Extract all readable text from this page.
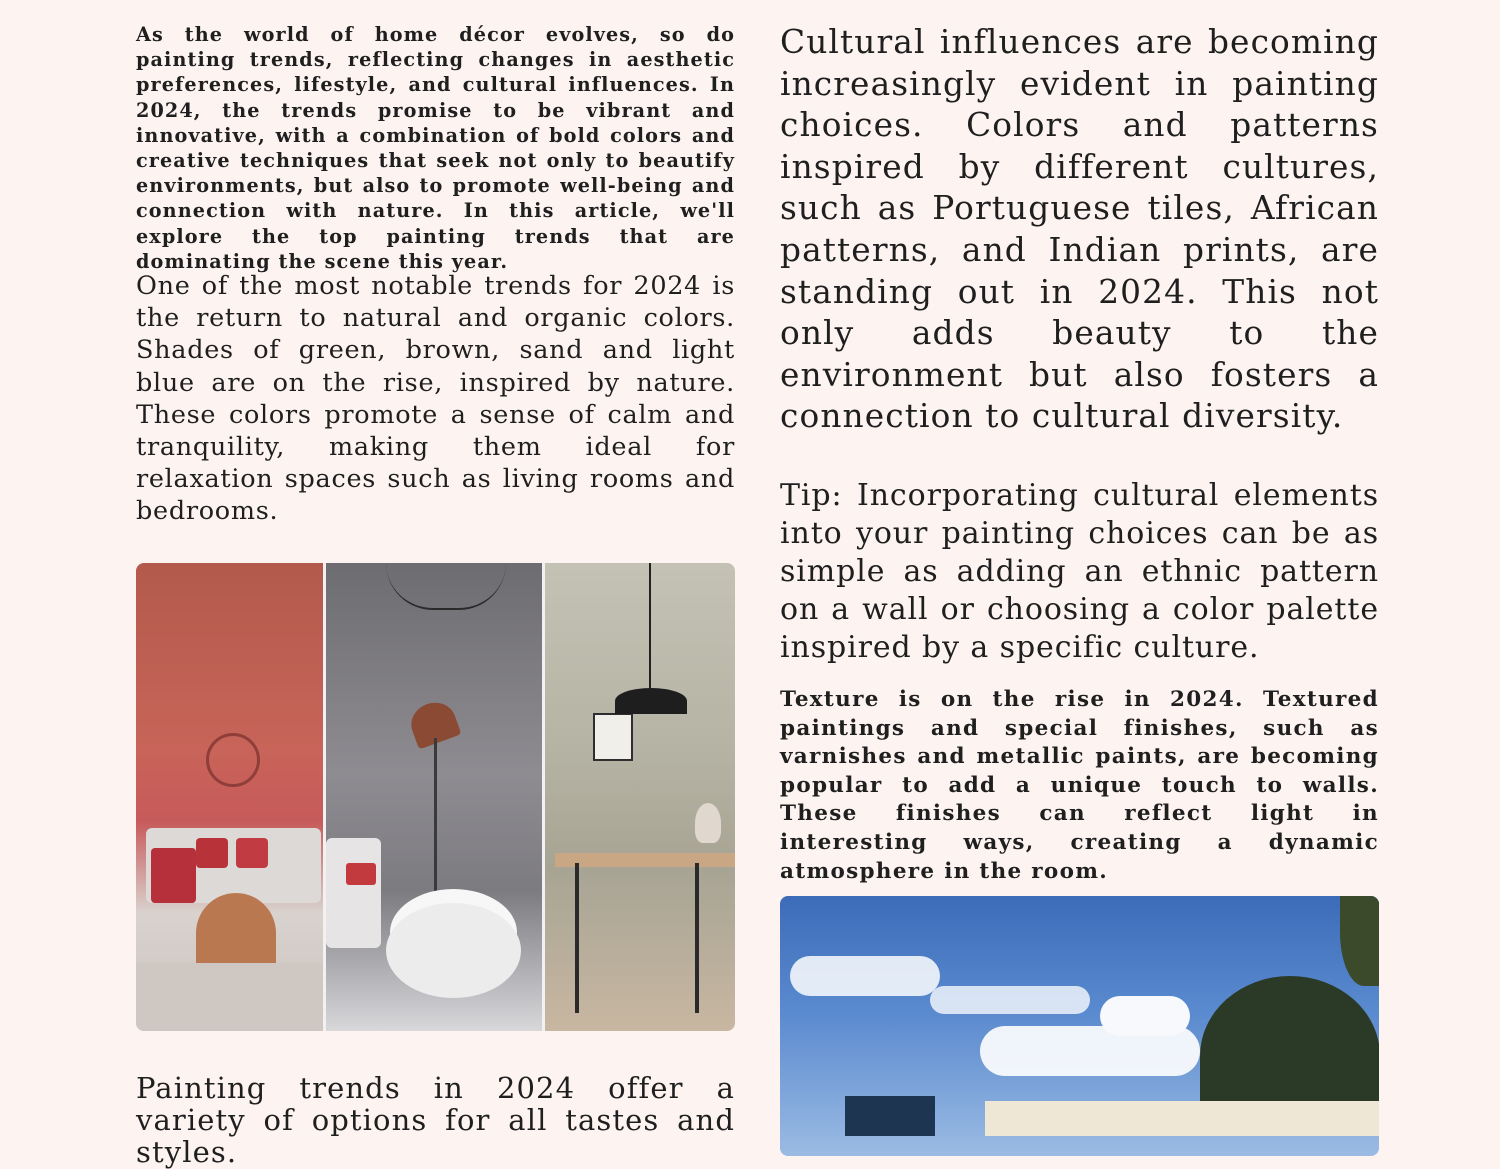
As the world of home décor evolves, so do painting trends, reflecting changes in aesthetic preferences, lifestyle, and cultural influences. In 2024, the trends promise to be vibrant and innovative, with a combination of bold colors and creative techniques that seek not only to beautify environments, but also to promote well-being and connection with nature. In this article, we'll explore the top painting trends that are dominating the scene this year.

One of the most notable trends for 2024 is the return to natural and organic colors. Shades of green, brown, sand and light blue are on the rise, inspired by nature. These colors promote a sense of calm and tranquility, making them ideal for relaxation spaces such as living rooms and bedrooms.

Painting trends in 2024 offer a variety of options for all tastes and styles.

Cultural influences are becoming increasingly evident in painting choices. Colors and patterns inspired by different cultures, such as Portuguese tiles, African patterns, and Indian prints, are standing out in 2024. This not only adds beauty to the environment but also fosters a connection to cultural diversity.

Tip: Incorporating cultural elements into your painting choices can be as simple as adding an ethnic pattern on a wall or choosing a color palette inspired by a specific culture.

Texture is on the rise in 2024. Textured paintings and special finishes, such as varnishes and metallic paints, are becoming popular to add a unique touch to walls. These finishes can reflect light in interesting ways, creating a dynamic atmosphere in the room.
